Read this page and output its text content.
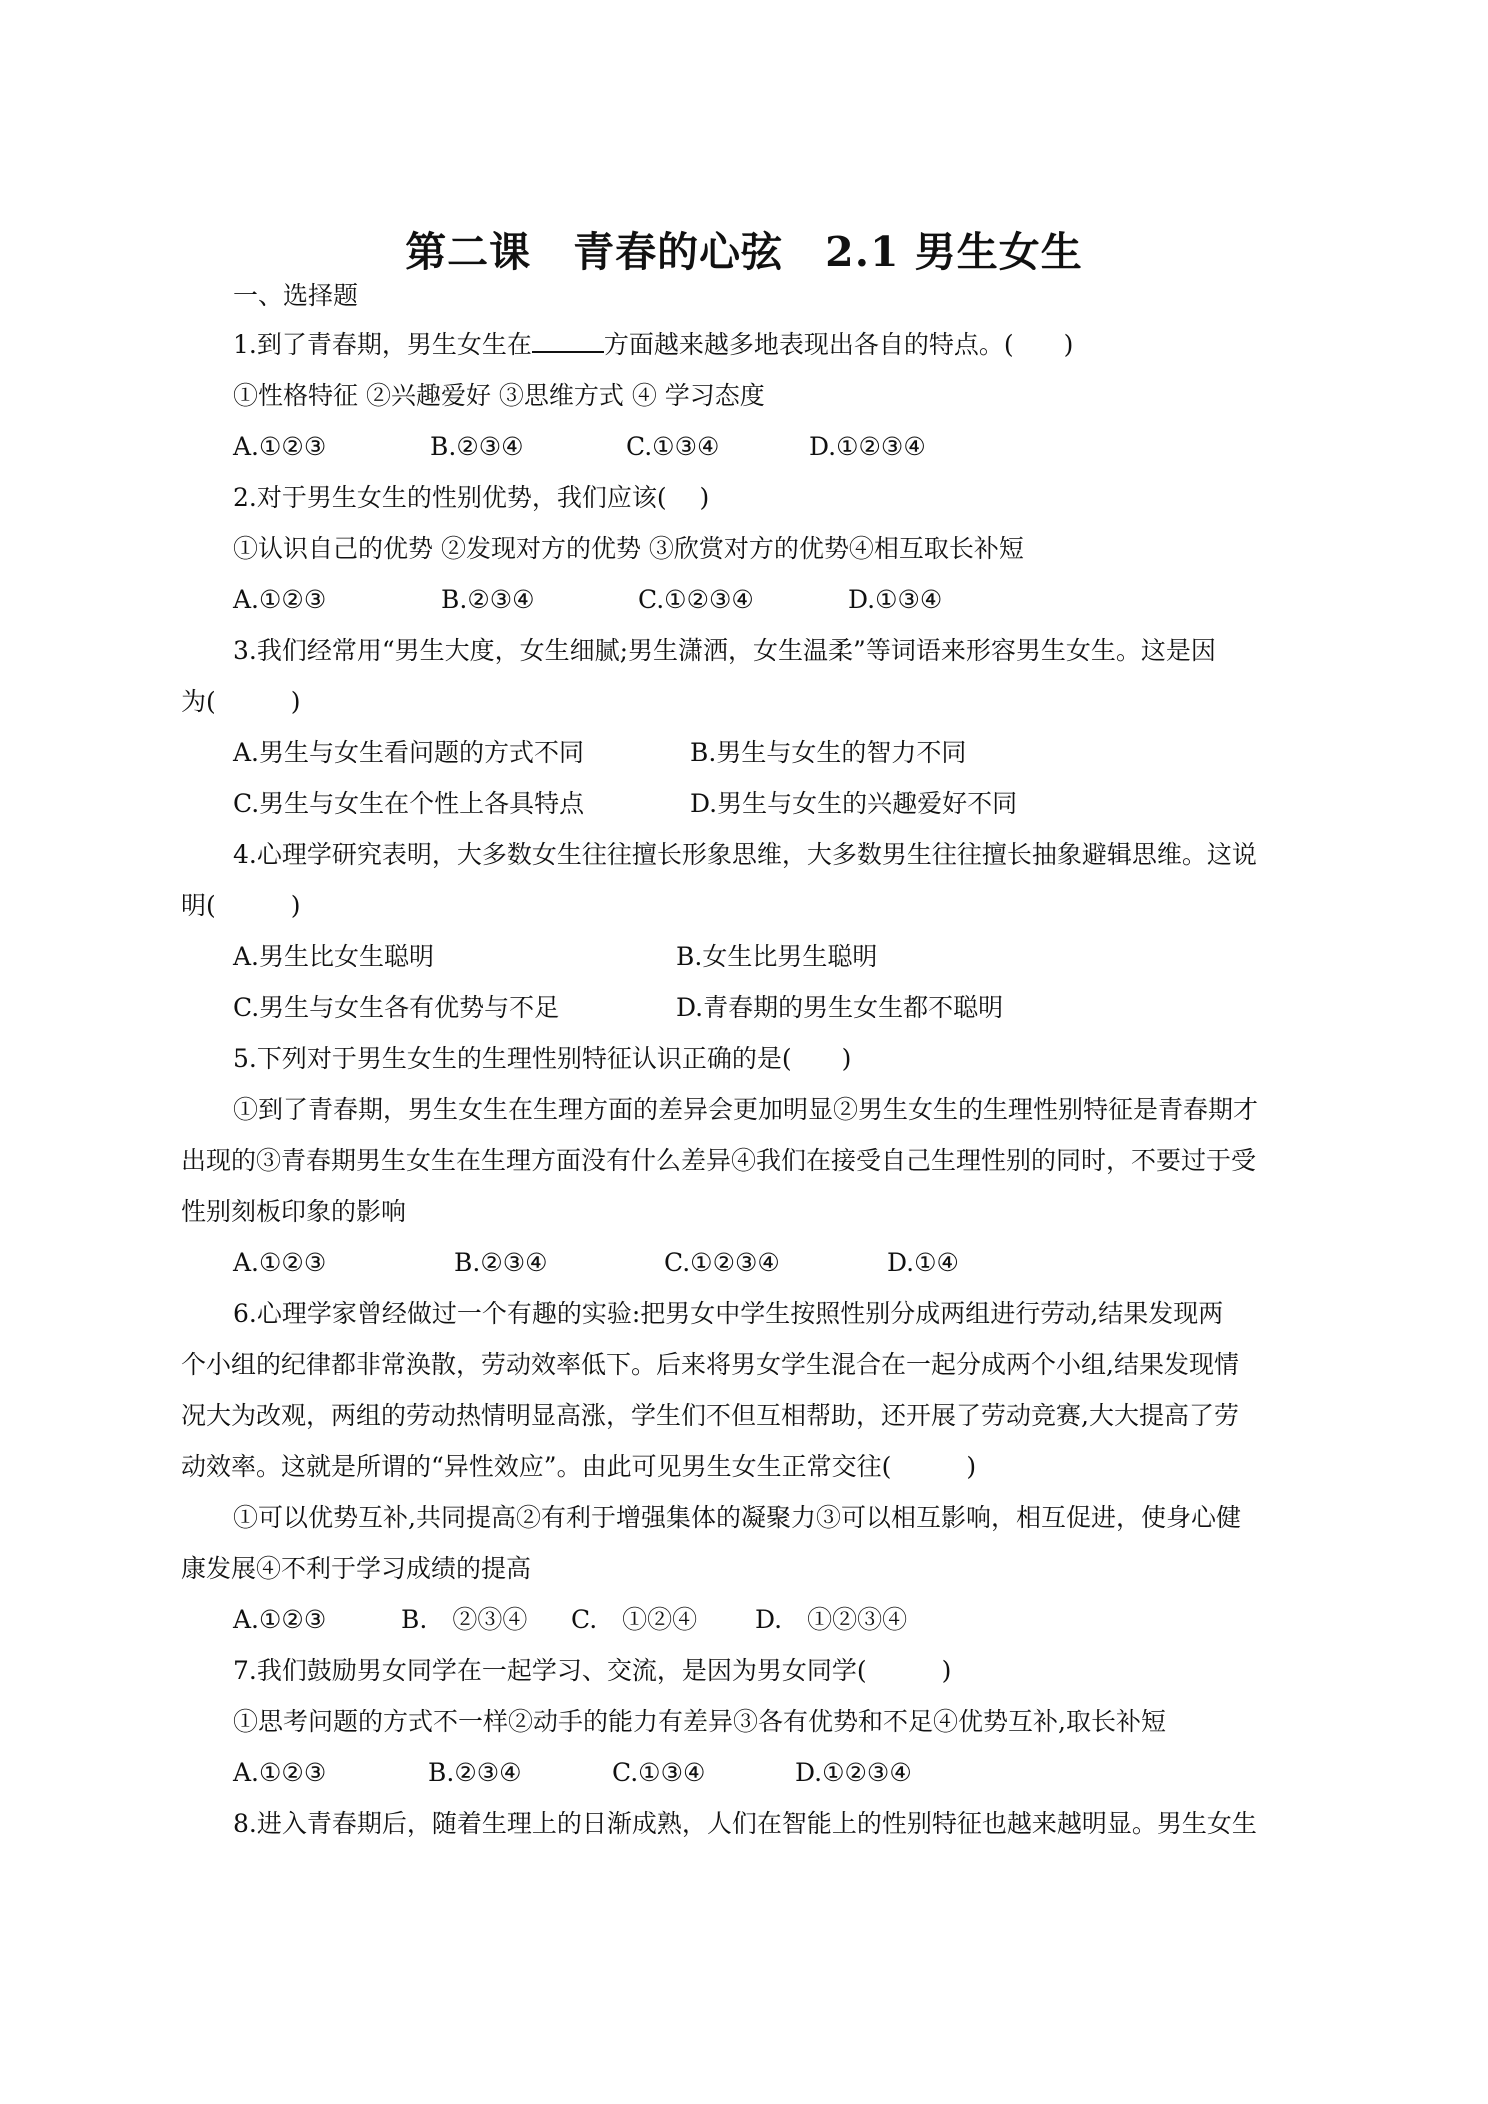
第二课　青春的心弦　2.1 男生女生
一、选择题
1.到了青春期，男生女生在	方面越来越多地表现出各自的特点。(　　)
①性格特征 ②兴趣爱好 ③思维方式 ④ 学习态度
A.①②③	B.②③④	C.①③④	D.①②③④
2.对于男生女生的性别优势，我们应该(　 )
①认识自己的优势 ②发现对方的优势 ③欣赏对方的优势④相互取长补短
A.①②③	B.②③④	C.①②③④	D.①③④
3.我们经常用“男生大度，女生细腻;男生潇洒，女生温柔”等词语来形容男生女生。这是因
为(　　　)
A.男生与女生看问题的方式不同	B.男生与女生的智力不同
C.男生与女生在个性上各具特点	D.男生与女生的兴趣爱好不同
4.心理学研究表明，大多数女生往往擅长形象思维，大多数男生往往擅长抽象避辑思维。这说
明(　　　)
A.男生比女生聪明	B.女生比男生聪明
C.男生与女生各有优势与不足	D.青春期的男生女生都不聪明
5.下列对于男生女生的生理性别特征认识正确的是(　　)
①到了青春期，男生女生在生理方面的差异会更加明显②男生女生的生理性别特征是青春期才
出现的③青春期男生女生在生理方面没有什么差异④我们在接受自己生理性别的同时，不要过于受
性别刻板印象的影响
A.①②③	B.②③④	C.①②③④	D.①④
6.心理学家曾经做过一个有趣的实验:把男女中学生按照性别分成两组进行劳动,结果发现两
个小组的纪律都非常涣散，劳动效率低下。后来将男女学生混合在一起分成两个小组,结果发现情
况大为改观，两组的劳动热情明显高涨，学生们不但互相帮助，还开展了劳动竞赛,大大提高了劳
动效率。这就是所谓的“异性效应”。由此可见男生女生正常交往(　　　)
①可以优势互补,共同提高②有利于增强集体的凝聚力③可以相互影响，相互促进，使身心健
康发展④不利于学习成绩的提高
A.①②③	B.　②③④ C.　①②④ D.　①②③④
7.我们鼓励男女同学在一起学习、交流，是因为男女同学(　　　)
①思考问题的方式不一样②动手的能力有差异③各有优势和不足④优势互补,取长补短
A.①②③	B.②③④	C.①③④	D.①②③④
8.进入青春期后，随着生理上的日渐成熟，人们在智能上的性别特征也越来越明显。男生女生
